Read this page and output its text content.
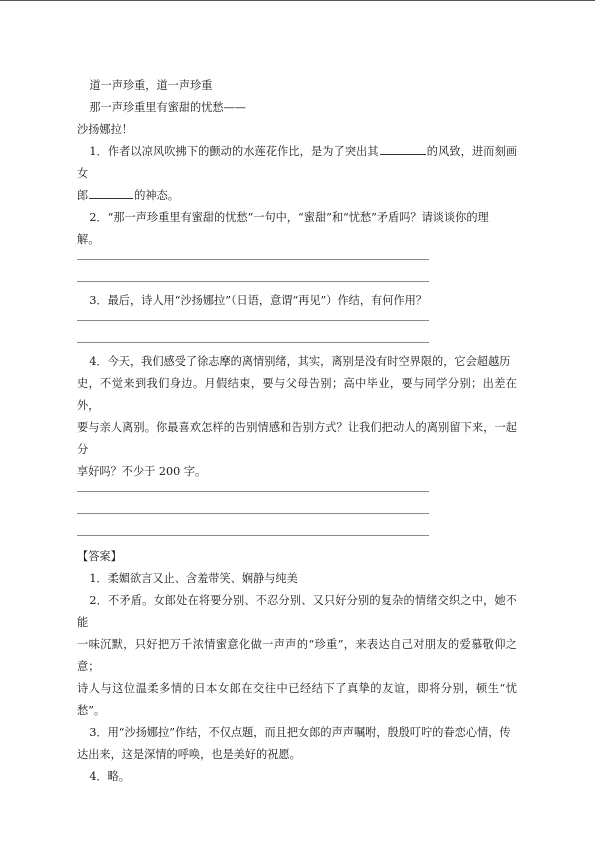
道一声珍重，道一声珍重

那一声珍重里有蜜甜的忧愁——

沙扬娜拉！

1．作者以凉风吹拂下的颤动的水莲花作比，是为了突出其	的风致，进而刻画女

郎	的神态。

2．“那一声珍重里有蜜甜的忧愁”一句中，“蜜甜”和“忧愁”矛盾吗？请谈谈你的理

解。

3．最后，诗人用“沙扬娜拉”（日语，意谓“再见”）作结，有何作用？

4．今天，我们感受了徐志摩的离情别绪，其实，离别是没有时空界限的，它会超越历

史，不觉来到我们身边。月假结束，要与父母告别；高中毕业，要与同学分别；出差在外，

要与亲人离别。你最喜欢怎样的告别情感和告别方式？让我们把动人的离别留下来，一起分

享好吗？不少于 200 字。

【答案】

1．柔媚欲言又止、含羞带笑、娴静与纯美

2．不矛盾。女郎处在将要分别、不忍分别、又只好分别的复杂的情绪交织之中，她不能

一味沉默，只好把万千浓情蜜意化做一声声的“珍重”，来表达自己对朋友的爱慕敬仰之意；

诗人与这位温柔多情的日本女郎在交往中已经结下了真挚的友谊，即将分别，顿生“忧愁”。

3．用“沙扬娜拉”作结，不仅点题，而且把女郎的声声嘱咐，殷殷叮咛的眷恋心情，传

达出来，这是深情的呼唤，也是美好的祝愿。

4．略。
